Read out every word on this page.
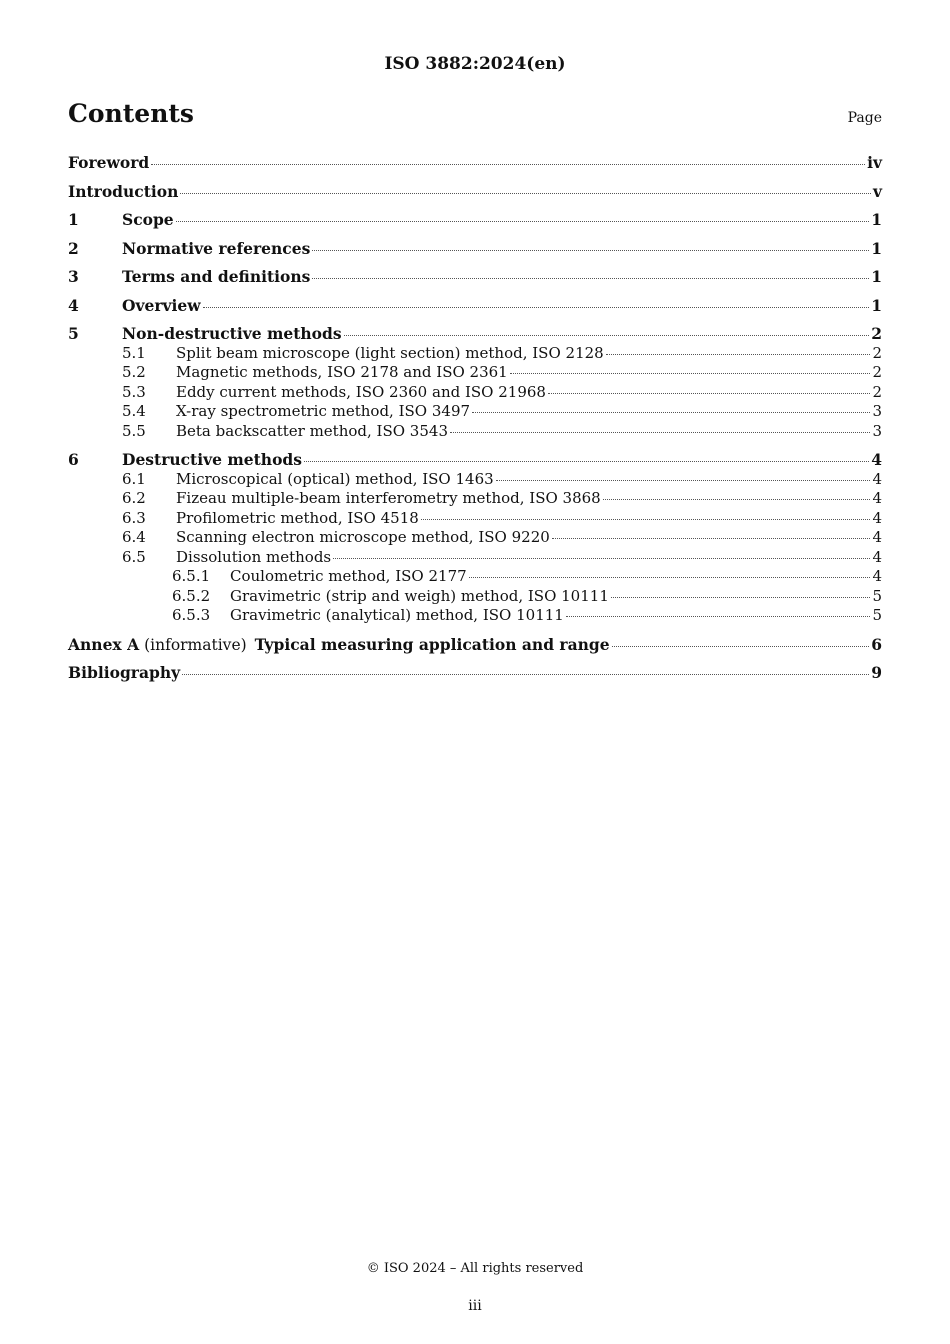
ISO 3882:2024(en)
Contents	Page
Foreword	iv
Introduction	v
1	Scope	1
2	Normative references	1
3	Terms and definitions	1
4	Overview	1
5	Non-destructive methods	2
5.1	Split beam microscope (light section) method, ISO 2128	2
5.2	Magnetic methods, ISO 2178 and ISO 2361	2
5.3	Eddy current methods, ISO 2360 and ISO 21968	2
5.4	X-ray spectrometric method, ISO 3497	3
5.5	Beta backscatter method, ISO 3543	3
6	Destructive methods	4
6.1	Microscopical (optical) method, ISO 1463	4
6.2	Fizeau multiple-beam interferometry method, ISO 3868	4
6.3	Profilometric method, ISO 4518	4
6.4	Scanning electron microscope method, ISO 9220	4
6.5	Dissolution methods	4
6.5.1	Coulometric method, ISO 2177	4
6.5.2	Gravimetric (strip and weigh) method, ISO 10111	5
6.5.3	Gravimetric (analytical) method, ISO 10111	5
Annex A (informative) Typical measuring application and range	6
Bibliography	9
© ISO 2024 – All rights reserved
iii
